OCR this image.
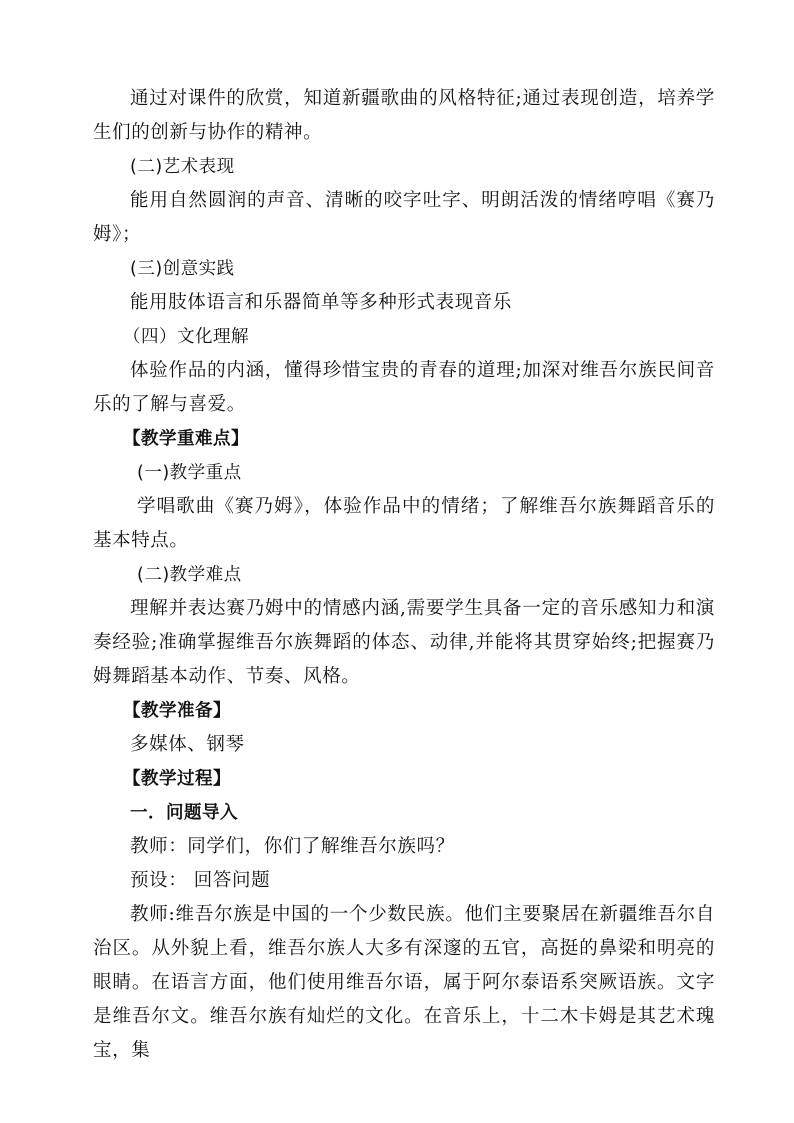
通过对课件的欣赏，知道新疆歌曲的风格特征;通过表现创造，培养学生们的创新与协作的精神。

(二)艺术表现

能用自然圆润的声音、清晰的咬字吐字、明朗活泼的情绪哼唱《赛乃姆》；

(三)创意实践

能用肢体语言和乐器简单等多种形式表现音乐

（四）文化理解

体验作品的内涵，懂得珍惜宝贵的青春的道理;加深对维吾尔族民间音乐的了解与喜爱。

【教学重难点】

(一)教学重点

学唱歌曲《赛乃姆》，体验作品中的情绪；了解维吾尔族舞蹈音乐的基本特点。

(二)教学难点

理解并表达赛乃姆中的情感内涵,需要学生具备一定的音乐感知力和演奏经验;准确掌握维吾尔族舞蹈的体态、动律,并能将其贯穿始终;把握赛乃姆舞蹈基本动作、节奏、风格。

【教学准备】

多媒体、钢琴

【教学过程】

一．问题导入

教师：同学们，你们了解维吾尔族吗？

预设： 回答问题

教师:维吾尔族是中国的一个少数民族。他们主要聚居在新疆维吾尔自治区。从外貌上看，维吾尔族人大多有深邃的五官，高挺的鼻梁和明亮的眼睛。在语言方面，他们使用维吾尔语，属于阿尔泰语系突厥语族。文字是维吾尔文。维吾尔族有灿烂的文化。在音乐上，十二木卡姆是其艺术瑰宝，集
